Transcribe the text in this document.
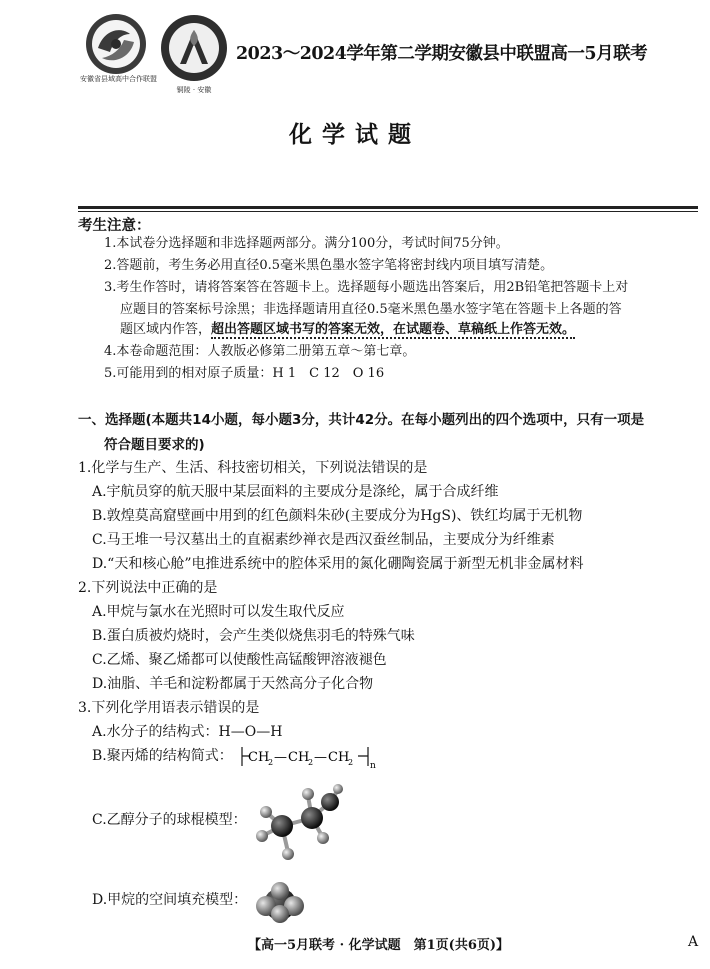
安徽省县域高中合作联盟
铜陵 · 安徽
2023～2024学年第二学期安徽县中联盟高一5月联考
化学试题
考生注意：
1.本试卷分选择题和非选择题两部分。满分100分，考试时间75分钟。
2.答题前，考生务必用直径0.5毫米黑色墨水签字笔将密封线内项目填写清楚。
3.考生作答时，请将答案答在答题卡上。选择题每小题选出答案后，用2B铅笔把答题卡上对
应题目的答案标号涂黑；非选择题请用直径0.5毫米黑色墨水签字笔在答题卡上各题的答
题区域内作答，超出答题区域书写的答案无效，在试题卷、草稿纸上作答无效。
4.本卷命题范围：人教版必修第二册第五章～第七章。
5.可能用到的相对原子质量：H 1　C 12　O 16
一、选择题(本题共14小题，每小题3分，共计42分。在每小题列出的四个选项中，只有一项是
符合题目要求的)
1.化学与生产、生活、科技密切相关，下列说法错误的是
A.宇航员穿的航天服中某层面料的主要成分是涤纶，属于合成纤维
B.敦煌莫高窟壁画中用到的红色颜料朱砂(主要成分为HgS)、铁红均属于无机物
C.马王堆一号汉墓出土的直裾素纱禅衣是西汉蚕丝制品，主要成分为纤维素
D.“天和核心舱”电推进系统中的腔体采用的氮化硼陶瓷属于新型无机非金属材料
2.下列说法中正确的是
A.甲烷与氯水在光照时可以发生取代反应
B.蛋白质被灼烧时，会产生类似烧焦羽毛的特殊气味
C.乙烯、聚乙烯都可以使酸性高锰酸钾溶液褪色
D.油脂、羊毛和淀粉都属于天然高分子化合物
3.下列化学用语表示错误的是
A.水分子的结构式：H—O—H
B.聚丙烯的结构简式： CH
2 — CH
2 — CH
2 n
C.乙醇分子的球棍模型：
D.甲烷的空间填充模型：
【高一5月联考 · 化学试题　第1页(共6页)】	A
